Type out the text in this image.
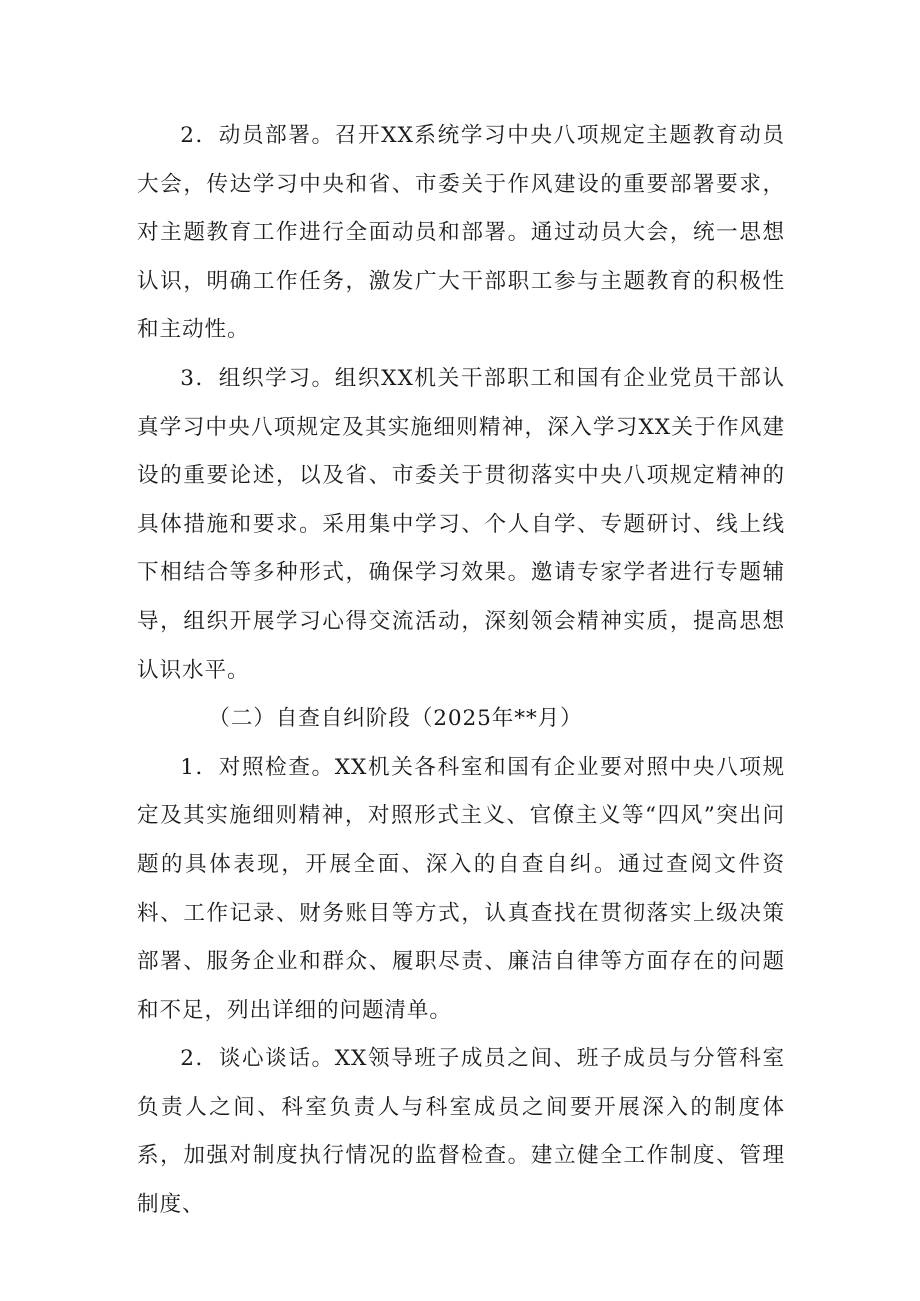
2．动员部署。召开XX系统学习中央八项规定主题教育动员大会，传达学习中央和省、市委关于作风建设的重要部署要求，对主题教育工作进行全面动员和部署。通过动员大会，统一思想认识，明确工作任务，激发广大干部职工参与主题教育的积极性和主动性。

3．组织学习。组织XX机关干部职工和国有企业党员干部认真学习中央八项规定及其实施细则精神，深入学习XX关于作风建设的重要论述，以及省、市委关于贯彻落实中央八项规定精神的具体措施和要求。采用集中学习、个人自学、专题研讨、线上线下相结合等多种形式，确保学习效果。邀请专家学者进行专题辅导，组织开展学习心得交流活动，深刻领会精神实质，提高思想认识水平。

（二）自查自纠阶段（2025年**月）

1．对照检查。XX机关各科室和国有企业要对照中央八项规定及其实施细则精神，对照形式主义、官僚主义等“四风”突出问题的具体表现，开展全面、深入的自查自纠。通过查阅文件资料、工作记录、财务账目等方式，认真查找在贯彻落实上级决策部署、服务企业和群众、履职尽责、廉洁自律等方面存在的问题和不足，列出详细的问题清单。

2．谈心谈话。XX领导班子成员之间、班子成员与分管科室负责人之间、科室负责人与科室成员之间要开展深入的制度体系，加强对制度执行情况的监督检查。建立健全工作制度、管理制度、
